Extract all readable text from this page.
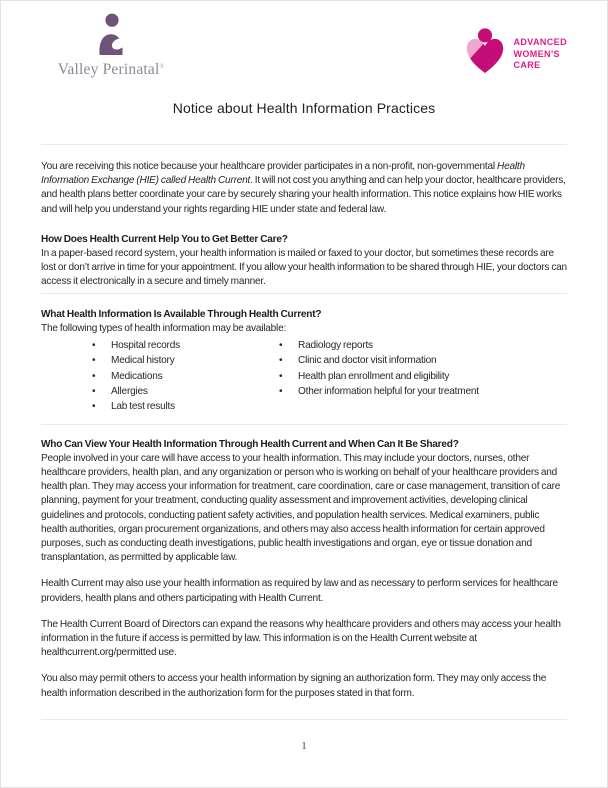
Valley Perinatal®
ADVANCED
WOMEN'S
CARE
Notice about Health Information Practices

You are receiving this notice because your healthcare provider participates in a non-profit, non-governmental Health Information Exchange (HIE) called Health Current. It will not cost you anything and can help your doctor, healthcare providers, and health plans better coordinate your care by securely sharing your health information. This notice explains how HIE works and will help you understand your rights regarding HIE under state and federal law.

How Does Health Current Help You to Get Better Care?

In a paper-based record system, your health information is mailed or faxed to your doctor, but sometimes these records are lost or don’t arrive in time for your appointment. If you allow your health information to be shared through HIE, your doctors can access it electronically in a secure and timely manner.

What Health Information Is Available Through Health Current?

The following types of health information may be available:

•	Hospital records
•	Medical history
•	Medications
•	Allergies
•	Lab test results
•	Radiology reports
•	Clinic and doctor visit information
•	Health plan enrollment and eligibility
•	Other information helpful for your treatment
Who Can View Your Health Information Through Health Current and When Can It Be Shared?

People involved in your care will have access to your health information. This may include your doctors, nurses, other healthcare providers, health plan, and any organization or person who is working on behalf of your healthcare providers and health plan. They may access your information for treatment, care coordination, care or case management, transition of care planning, payment for your treatment, conducting quality assessment and improvement activities, developing clinical guidelines and protocols, conducting patient safety activities, and population health services. Medical examiners, public health authorities, organ procurement organizations, and others may also access health information for certain approved purposes, such as conducting death investigations, public health investigations and organ, eye or tissue donation and transplantation, as permitted by applicable law.

Health Current may also use your health information as required by law and as necessary to perform services for healthcare providers, health plans and others participating with Health Current.

The Health Current Board of Directors can expand the reasons why healthcare providers and others may access your health information in the future if access is permitted by law. This information is on the Health Current website at healthcurrent.org/permitted use.

You also may permit others to access your health information by signing an authorization form. They may only access the health information described in the authorization form for the purposes stated in that form.

1
